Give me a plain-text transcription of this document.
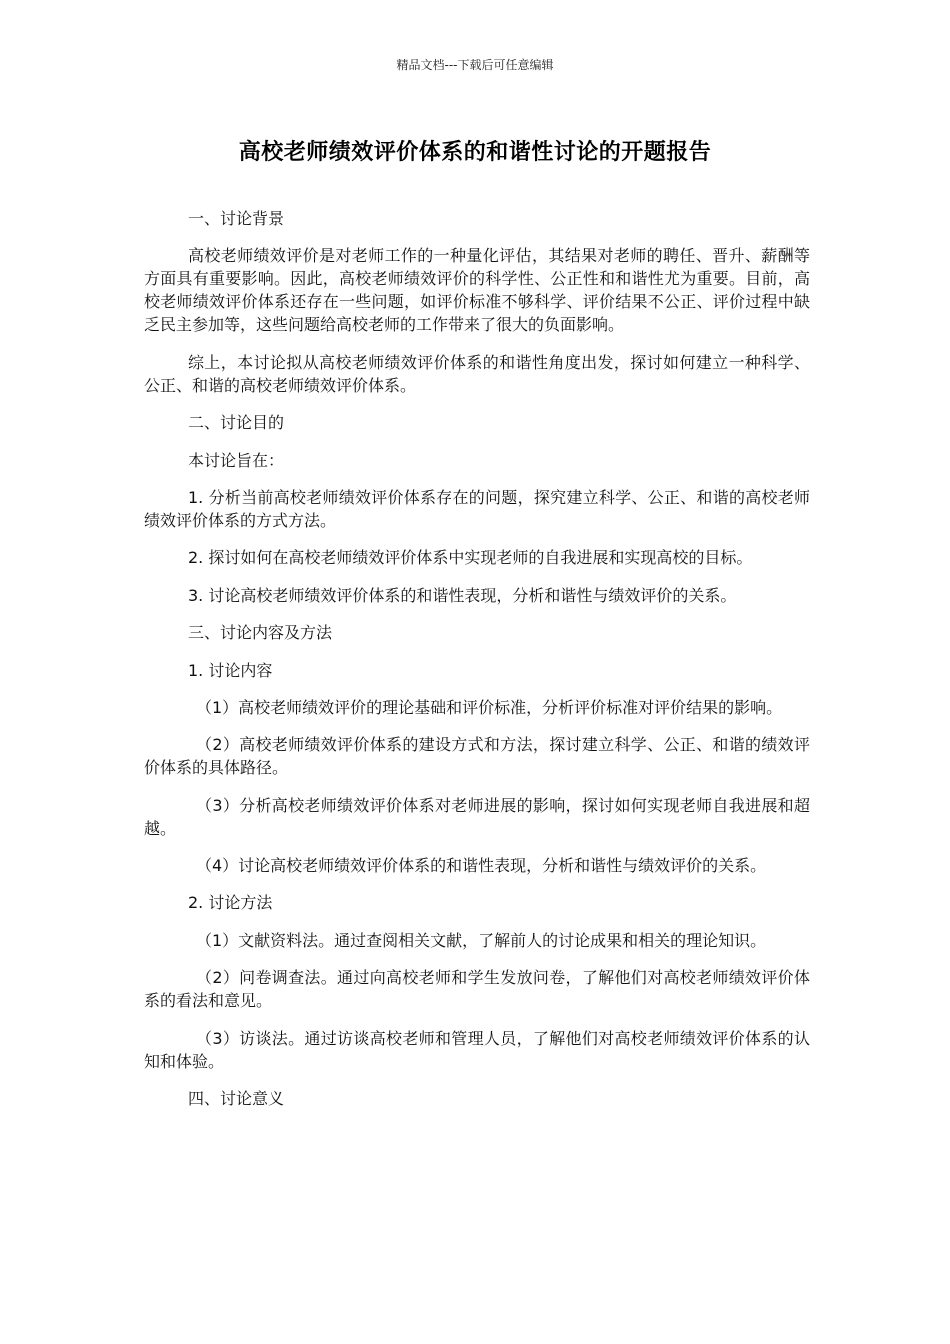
精品文档---下载后可任意编辑
高校老师绩效评价体系的和谐性讨论的开题报告

一、讨论背景

高校老师绩效评价是对老师工作的一种量化评估，其结果对老师的聘任、晋升、薪酬等方面具有重要影响。因此，高校老师绩效评价的科学性、公正性和和谐性尤为重要。目前，高校老师绩效评价体系还存在一些问题，如评价标准不够科学、评价结果不公正、评价过程中缺乏民主参加等，这些问题给高校老师的工作带来了很大的负面影响。

综上，本讨论拟从高校老师绩效评价体系的和谐性角度出发，探讨如何建立一种科学、公正、和谐的高校老师绩效评价体系。

二、讨论目的

本讨论旨在：

1. 分析当前高校老师绩效评价体系存在的问题，探究建立科学、公正、和谐的高校老师绩效评价体系的方式方法。

2. 探讨如何在高校老师绩效评价体系中实现老师的自我进展和实现高校的目标。

3. 讨论高校老师绩效评价体系的和谐性表现，分析和谐性与绩效评价的关系。

三、讨论内容及方法

1. 讨论内容

（1）高校老师绩效评价的理论基础和评价标准，分析评价标准对评价结果的影响。

（2）高校老师绩效评价体系的建设方式和方法，探讨建立科学、公正、和谐的绩效评价体系的具体路径。

（3）分析高校老师绩效评价体系对老师进展的影响，探讨如何实现老师自我进展和超越。

（4）讨论高校老师绩效评价体系的和谐性表现，分析和谐性与绩效评价的关系。

2. 讨论方法

（1）文献资料法。通过查阅相关文献，了解前人的讨论成果和相关的理论知识。

（2）问卷调查法。通过向高校老师和学生发放问卷，了解他们对高校老师绩效评价体系的看法和意见。

（3）访谈法。通过访谈高校老师和管理人员，了解他们对高校老师绩效评价体系的认知和体验。

四、讨论意义
